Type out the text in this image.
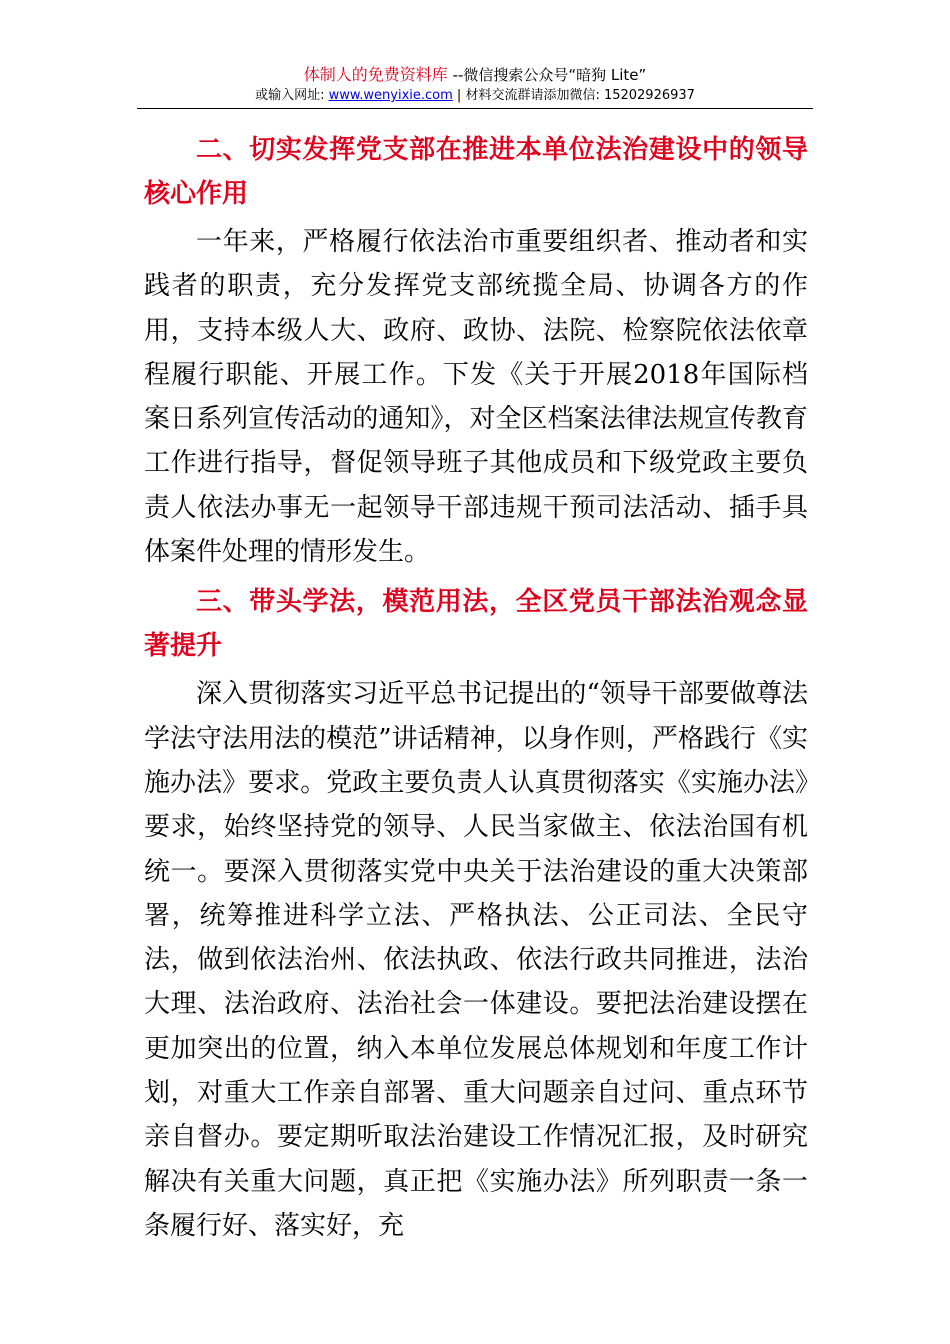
体制人的免费资料库 --微信搜索公众号“暗狗 Lite”
或输入网址: www.wenyixie.com | 材料交流群请添加微信: 15202926937

二、切实发挥党支部在推进本单位法治建设中的领导核心作用

一年来，严格履行依法治市重要组织者、推动者和实践者的职责，充分发挥党支部统揽全局、协调各方的作用，支持本级人大、政府、政协、法院、检察院依法依章程履行职能、开展工作。下发《关于开展2018年国际档案日系列宣传活动的通知》，对全区档案法律法规宣传教育工作进行指导，督促领导班子其他成员和下级党政主要负责人依法办事无一起领导干部违规干预司法活动、插手具体案件处理的情形发生。

三、带头学法，模范用法，全区党员干部法治观念显著提升

深入贯彻落实习近平总书记提出的“领导干部要做尊法学法守法用法的模范”讲话精神，以身作则，严格践行《实施办法》要求。党政主要负责人认真贯彻落实《实施办法》要求，始终坚持党的领导、人民当家做主、依法治国有机统一。要深入贯彻落实党中央关于法治建设的重大决策部署，统筹推进科学立法、严格执法、公正司法、全民守法，做到依法治州、依法执政、依法行政共同推进，法治大理、法治政府、法治社会一体建设。要把法治建设摆在更加突出的位置，纳入本单位发展总体规划和年度工作计划，对重大工作亲自部署、重大问题亲自过问、重点环节亲自督办。要定期听取法治建设工作情况汇报，及时研究解决有关重大问题，真正把《实施办法》所列职责一条一条履行好、落实好，充
